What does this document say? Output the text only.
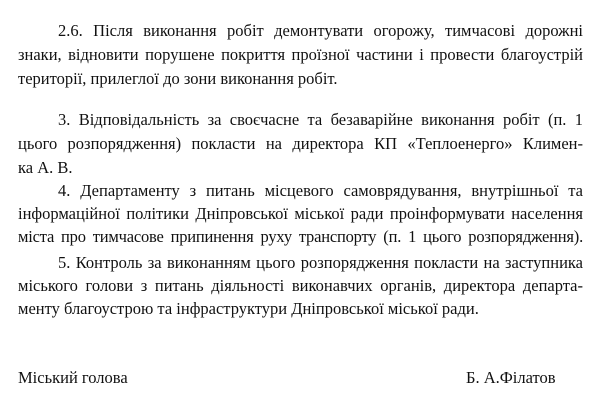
2.6. Після виконання робіт демонтувати огорожу, тимчасові дорожні
знаки, відновити порушене покриття проїзної частини і провести благоустрій
території, прилеглої до зони виконання робіт.
3. Відповідальність за своєчасне та безаварійне виконання робіт (п. 1
цього розпорядження) покласти на директора КП «Теплоенерго» Климен-
ка А. В.
4. Департаменту з питань місцевого самоврядування, внутрішньої та
інформаційної політики Дніпровської міської ради проінформувати населення
міста про тимчасове припинення руху транспорту (п. 1 цього розпорядження).
5. Контроль за виконанням цього розпорядження покласти на заступника
міського голови з питань діяльності виконавчих органів, директора департа-
менту благоустрою та інфраструктури Дніпровської міської ради.
Міський голова	Б. А.Філатов
